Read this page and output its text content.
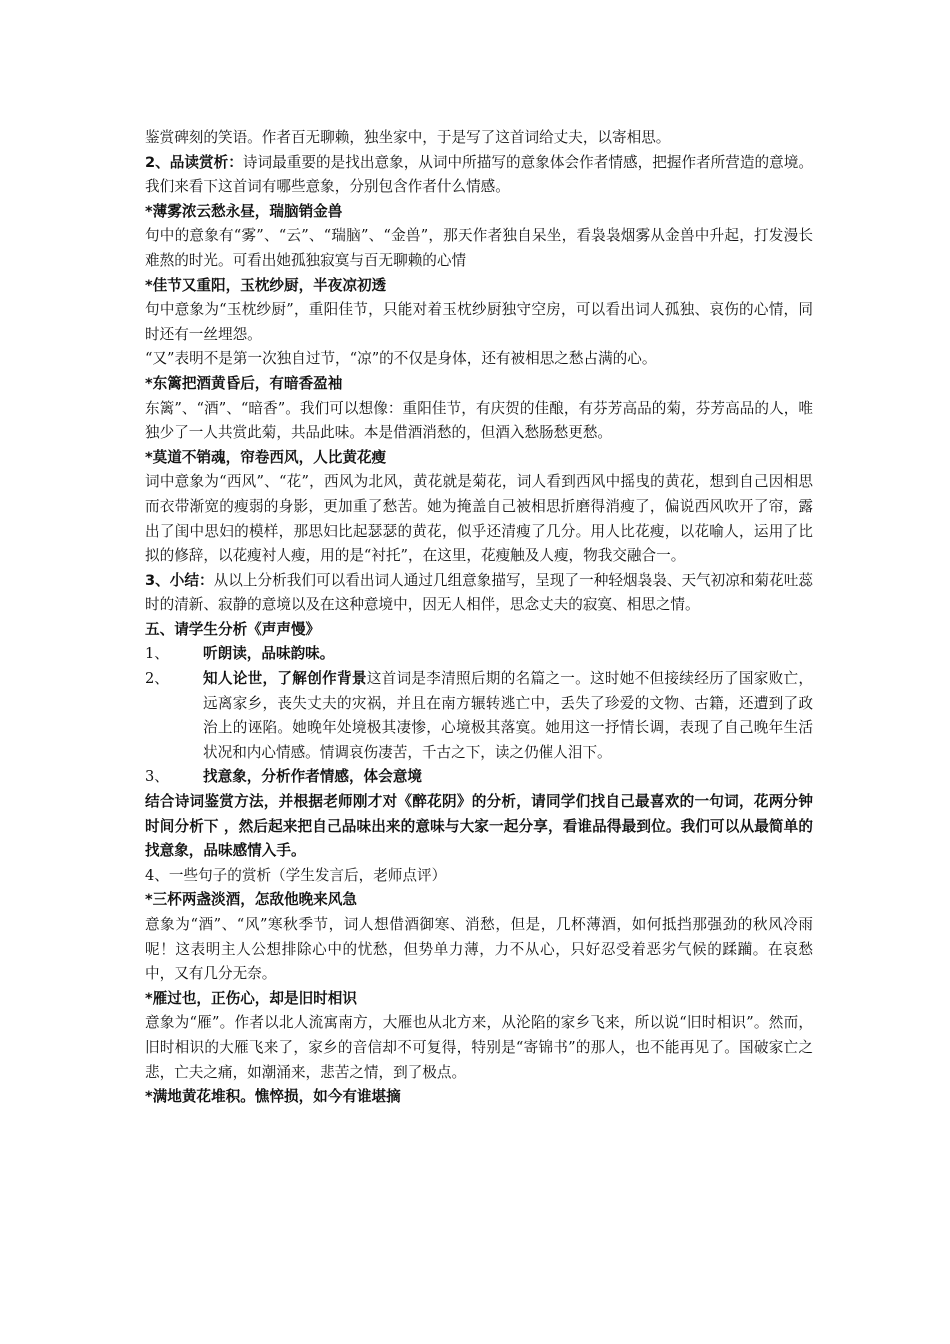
鉴赏碑刻的笑语。作者百无聊赖，独坐家中，于是写了这首词给丈夫，以寄相思。

2、品读赏析：诗词最重要的是找出意象，从词中所描写的意象体会作者情感，把握作者所营造的意境。我们来看下这首词有哪些意象，分别包含作者什么情感。

*薄雾浓云愁永昼，瑞脑销金兽

句中的意象有“雾”、“云”、“瑞脑”、“金兽”，那天作者独自呆坐，看袅袅烟雾从金兽中升起，打发漫长难熬的时光。可看出她孤独寂寞与百无聊赖的心情

*佳节又重阳，玉枕纱厨，半夜凉初透

句中意象为“玉枕纱厨”，重阳佳节，只能对着玉枕纱厨独守空房，可以看出词人孤独、哀伤的心情，同时还有一丝埋怨。

“又”表明不是第一次独自过节，“凉”的不仅是身体，还有被相思之愁占满的心。

*东篱把酒黄昏后，有暗香盈袖

东篱”、“酒”、“暗香”。我们可以想像：重阳佳节，有庆贺的佳酿，有芬芳高品的菊，芬芳高品的人，唯独少了一人共赏此菊，共品此味。本是借酒消愁的，但酒入愁肠愁更愁。

*莫道不销魂，帘卷西风，人比黄花瘦

词中意象为“西风”、“花”，西风为北风，黄花就是菊花，词人看到西风中摇曳的黄花，想到自己因相思而衣带渐宽的瘦弱的身影，更加重了愁苦。她为掩盖自己被相思折磨得消瘦了，偏说西风吹开了帘，露出了闺中思妇的模样，那思妇比起瑟瑟的黄花，似乎还清瘦了几分。用人比花瘦，以花喻人，运用了比拟的修辞，以花瘦衬人瘦，用的是“衬托”，在这里，花瘦触及人瘦，物我交融合一。

3、小结：从以上分析我们可以看出词人通过几组意象描写，呈现了一种轻烟袅袅、天气初凉和菊花吐蕊时的清新、寂静的意境以及在这种意境中，因无人相伴，思念丈夫的寂寞、相思之情。

五、请学生分析《声声慢》

1、	听朗读，品味韵味。
2、	知人论世，了解创作背景这首词是李清照后期的名篇之一。这时她不但接续经历了国家败亡，远离家乡，丧失丈夫的灾祸，并且在南方辗转逃亡中，丢失了珍爱的文物、古籍，还遭到了政治上的诬陷。她晚年处境极其凄惨，心境极其落寞。她用这一抒情长调，表现了自己晚年生活状况和内心情感。情调哀伤凄苦，千古之下，读之仍催人泪下。
3、	找意象，分析作者情感，体会意境

结合诗词鉴赏方法，并根据老师刚才对《醉花阴》的分析，请同学们找自己最喜欢的一句词，花两分钟时间分析下 ，然后起来把自己品味出来的意味与大家一起分享，看谁品得最到位。我们可以从最简单的找意象，品味感情入手。

4、一些句子的赏析（学生发言后，老师点评）

*三杯两盏淡酒，怎敌他晚来风急

意象为“酒”、“风”寒秋季节，词人想借酒御寒、消愁，但是，几杯薄酒，如何抵挡那强劲的秋风冷雨呢！这表明主人公想排除心中的忧愁，但势单力薄，力不从心，只好忍受着恶劣气候的蹂躏。在哀愁中，又有几分无奈。

*雁过也，正伤心，却是旧时相识

意象为“雁”。作者以北人流寓南方，大雁也从北方来，从沦陷的家乡飞来，所以说“旧时相识”。然而，旧时相识的大雁飞来了，家乡的音信却不可复得，特别是“寄锦书”的那人，也不能再见了。国破家亡之悲，亡夫之痛，如潮涌来，悲苦之情，到了极点。

*满地黄花堆积。憔悴损，如今有谁堪摘
